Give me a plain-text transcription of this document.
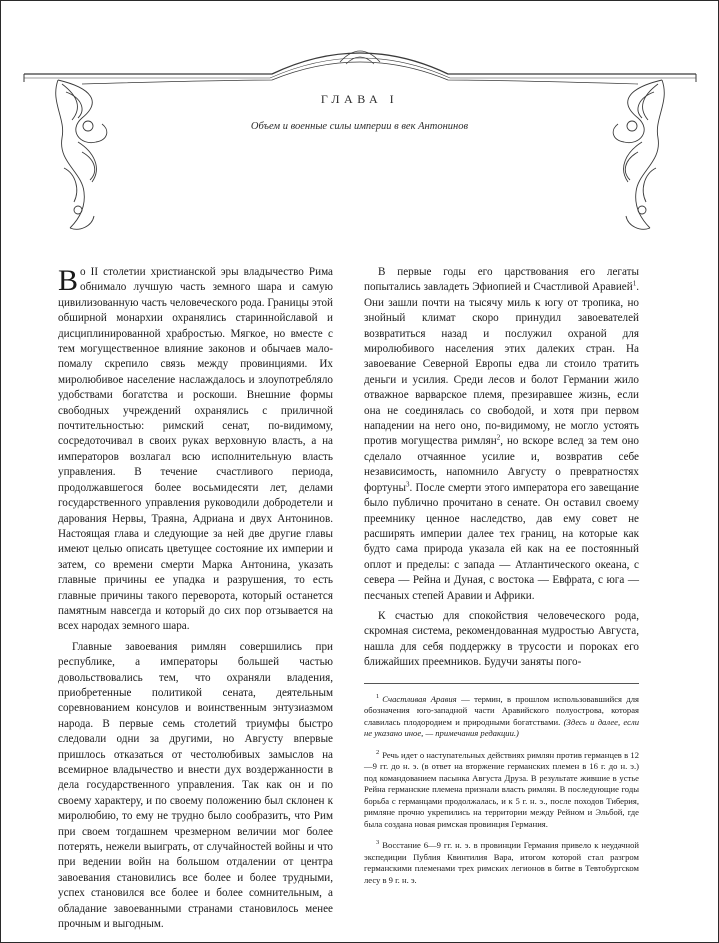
ГЛАВА I
Объем и военные силы империи в век Антонинов

Во II столетии христианской эры владычество Рима обнимало лучшую часть земного шара и самую цивилизованную часть человеческого рода. Границы этой обширной монархии охранялись стариннойславой и дисциплинированной храбростью. Мягкое, но вместе с тем могущественное влияние законов и обычаев мало-помалу скрепило связь между провинциями. Их миролюбивое население наслаждалось и злоупотребляло удобствами богатства и роскоши. Внешние формы свободных учреждений охранялись с приличной почтительностью: римский сенат, по-видимому, сосредоточивал в своих руках верховную власть, а на императоров возлагал всю исполнительную власть управления. В течение счастливого периода, продолжавшегося более восьмидесяти лет, делами государственного управления руководили добродетели и дарования Нервы, Траяна, Адриана и двух Антонинов. Настоящая глава и следующие за ней две другие главы имеют целью описать цветущее состояние их империи и затем, со времени смерти Марка Антонина, указать главные причины ее упадка и разрушения, то есть главные причины такого переворота, который останется памятным навсегда и который до сих пор отзывается на всех народах земного шара.

Главные завоевания римлян совершились при республике, а императоры большей частью довольствовались тем, что охраняли владения, приобретенные политикой сената, деятельным соревнованием консулов и воинственным энтузиазмом народа. В первые семь столетий триумфы быстро следовали одни за другими, но Августу впервые пришлось отказаться от честолюбивых замыслов на всемирное владычество и внести дух воздержанности в дела государственного управления. Так как он и по своему характеру, и по своему положению был склонен к миролюбию, то ему не трудно было сообразить, что Рим при своем тогдашнем чрезмерном величии мог более потерять, нежели выиграть, от случайностей войны и что при ведении войн на большом отдалении от центра завоевания становились все более и более трудными, успех становился все более и более сомнительным, а обладание завоеванными странами становилось менее прочным и выгодным.

В первые годы его царствования его легаты попытались завладеть Эфиопией и Счастливой Аравией$^1$. Они зашли почти на тысячу миль к югу от тропика, но знойный климат скоро принудил завоевателей возвратиться назад и послужил охраной для миролюбивого населения этих далеких стран. На завоевание Северной Европы едва ли стоило тратить деньги и усилия. Среди лесов и болот Германии жило отважное варварское племя, презиравшее жизнь, если она не соединялась со свободой, и хотя при первом нападении на него оно, по-видимому, не могло устоять против могущества римлян$^2$, но вскоре вслед за тем оно сделало отчаянное усилие и, возвратив себе независимость, напомнило Августу о превратностях фортуны$^3$. После смерти этого императора его завещание было публично прочитано в сенате. Он оставил своему преемнику ценное наследство, дав ему совет не расширять империи далее тех границ, на которые как будто сама природа указала ей как на ее постоянный оплот и пределы: с запада — Атлантического океана, с севера — Рейна и Дуная, с востока — Евфрата, с юга — песчаных степей Аравии и Африки.

К счастью для спокойствия человеческого рода, скромная система, рекомендованная мудростью Августа, нашла для себя поддержку в трусости и пороках его ближайших преемников. Будучи заняты пого-

$^1$ Счастливая Аравия — термин, в прошлом использовавшийся для обозначения юго-западной части Аравийского полуострова, которая славилась плодородием и природными богатствами. (Здесь и далее, если не указано иное, — примечания редакции.)
$^2$ Речь идет о наступательных действиях римлян против германцев в 12—9 гг. до н. э. (в ответ на вторжение германских племен в 16 г. до н. э.) под командованием пасынка Августа Друза. В результате жившие в устье Рейна германские племена признали власть римлян. В последующие годы борьба с германцами продолжалась, и к 5 г. н. э., после походов Тиберия, римляне прочно укрепились на территории между Рейном и Эльбой, где была создана новая римская провинция Германия.
$^3$ Восстание 6—9 гг. н. э. в провинции Германия привело к неудачной экспедиции Публия Квинтилия Вара, итогом которой стал разгром германскими племенами трех римских легионов в битве в Тевтобургском лесу в 9 г. н. э.
